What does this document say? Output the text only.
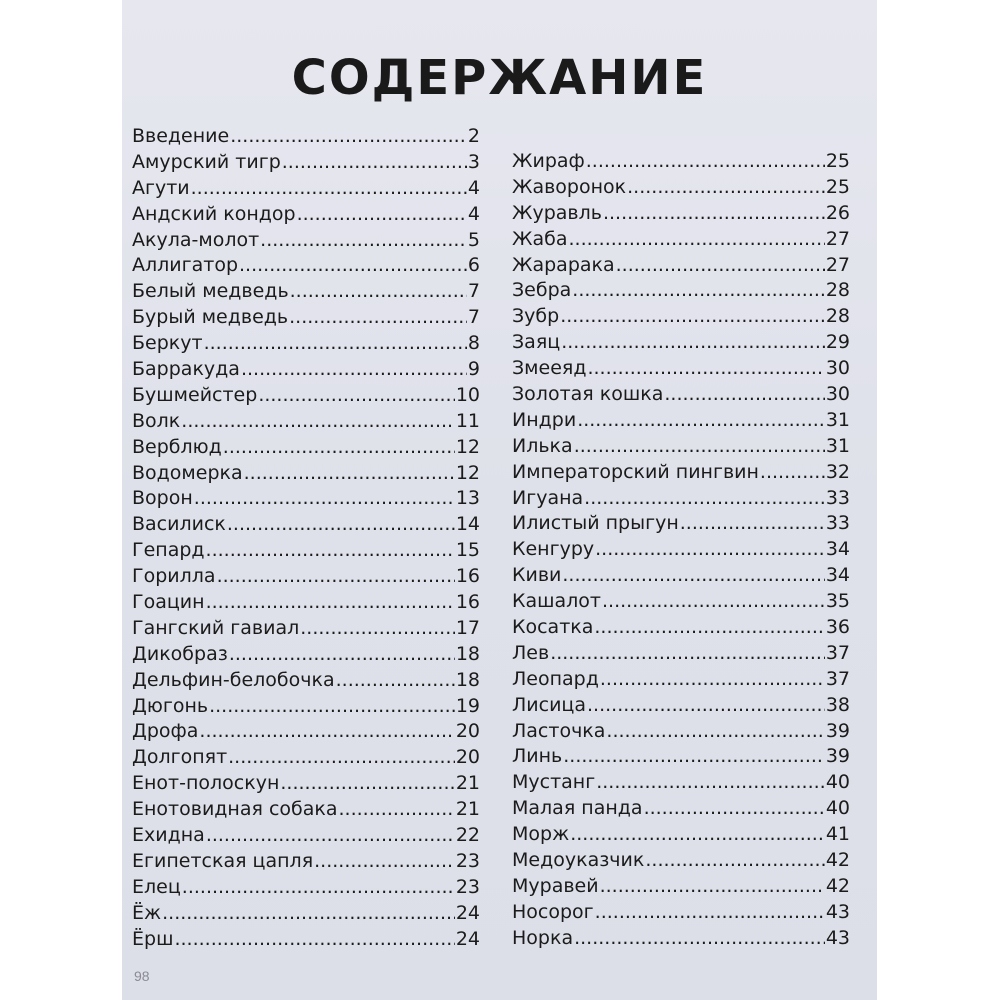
СОДЕРЖАНИЕ
Введение .....	2
Амурский тигр .....	3
Агути .....	4
Андский кондор .....	4
Акула-молот .....	5
Аллигатор .....	6
Белый медведь .....	7
Бурый медведь .....	7
Беркут .....	8
Барракуда .....	9
Бушмейстер .....	10
Волк .....	11
Верблюд .....	12
Водомерка .....	12
Ворон .....	13
Василиск .....	14
Гепард .....	15
Горилла .....	16
Гоацин .....	16
Гангский гавиал .....	17
Дикобраз .....	18
Дельфин-белобочка .....	18
Дюгонь .....	19
Дрофа .....	20
Долгопят .....	20
Енот-полоскун .....	21
Енотовидная собака .....	21
Ехидна .....	22
Египетская цапля .....	23
Елец .....	23
Ёж .....	24
Ёрш .....	24
Жираф .....	25
Жаворонок .....	25
Журавль .....	26
Жаба .....	27
Жарарака .....	27
Зебра .....	28
Зубр .....	28
Заяц .....	29
Змееяд .....	30
Золотая кошка .....	30
Индри .....	31
Илька .....	31
Императорский пингвин .....	32
Игуана .....	33
Илистый прыгун .....	33
Кенгуру .....	34
Киви .....	34
Кашалот .....	35
Косатка .....	36
Лев .....	37
Леопард .....	37
Лисица .....	38
Ласточка .....	39
Линь .....	39
Мустанг .....	40
Малая панда .....	40
Морж .....	41
Медоуказчик .....	42
Муравей .....	42
Носорог .....	43
Норка .....	43
98
